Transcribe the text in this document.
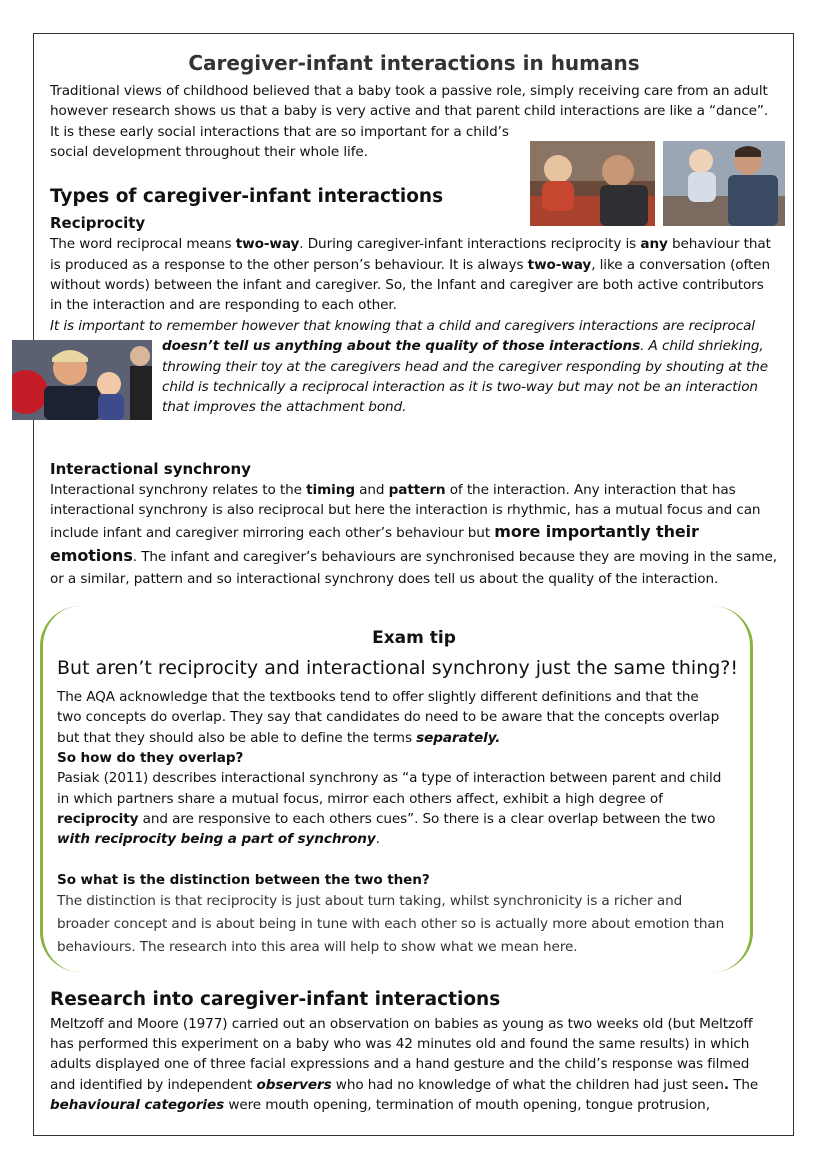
Caregiver-infant interactions in humans
Traditional views of childhood believed that a baby took a passive role, simply receiving care from an adult
however research shows us that a baby is very active and that parent child interactions are like a “dance”.
It is these early social interactions that are so important for a child’s
social development throughout their whole life.
Types of caregiver-infant interactions
Reciprocity
The word reciprocal means two-way. During caregiver-infant interactions reciprocity is any behaviour that
is produced as a response to the other person’s behaviour. It is always two-way, like a conversation (often
without words) between the infant and caregiver. So, the Infant and caregiver are both active contributors
in the interaction and are responding to each other.
It is important to remember however that knowing that a child and caregivers interactions are reciprocal
doesn’t tell us anything about the quality of those interactions. A child shrieking,
throwing their toy at the caregivers head and the caregiver responding by shouting at the
child is technically a reciprocal interaction as it is two-way but may not be an interaction
that improves the attachment bond.
Interactional synchrony
Interactional synchrony relates to the timing and pattern of the interaction. Any interaction that has
interactional synchrony is also reciprocal but here the interaction is rhythmic, has a mutual focus and can
include infant and caregiver mirroring each other’s behaviour but more importantly their
emotions. The infant and caregiver’s behaviours are synchronised because they are moving in the same,
or a similar, pattern and so interactional synchrony does tell us about the quality of the interaction.
Exam tip
But aren’t reciprocity and interactional synchrony just the same thing?!
The AQA acknowledge that the textbooks tend to offer slightly different definitions and that the
two concepts do overlap. They say that candidates do need to be aware that the concepts overlap
but that they should also be able to define the terms separately.
So how do they overlap?
Pasiak (2011) describes interactional synchrony as “a type of interaction between parent and child
in which partners share a mutual focus, mirror each others affect, exhibit a high degree of
reciprocity and are responsive to each others cues”. So there is a clear overlap between the two
with reciprocity being a part of synchrony.
So what is the distinction between the two then?
The distinction is that reciprocity is just about turn taking, whilst synchronicity is a richer and
broader concept and is about being in tune with each other so is actually more about emotion than
behaviours. The research into this area will help to show what we mean here.
Research into caregiver-infant interactions
Meltzoff and Moore (1977) carried out an observation on babies as young as two weeks old (but Meltzoff
has performed this experiment on a baby who was 42 minutes old and found the same results) in which
adults displayed one of three facial expressions and a hand gesture and the child’s response was filmed
and identified by independent observers who had no knowledge of what the children had just seen. The
behavioural categories were mouth opening, termination of mouth opening, tongue protrusion,
